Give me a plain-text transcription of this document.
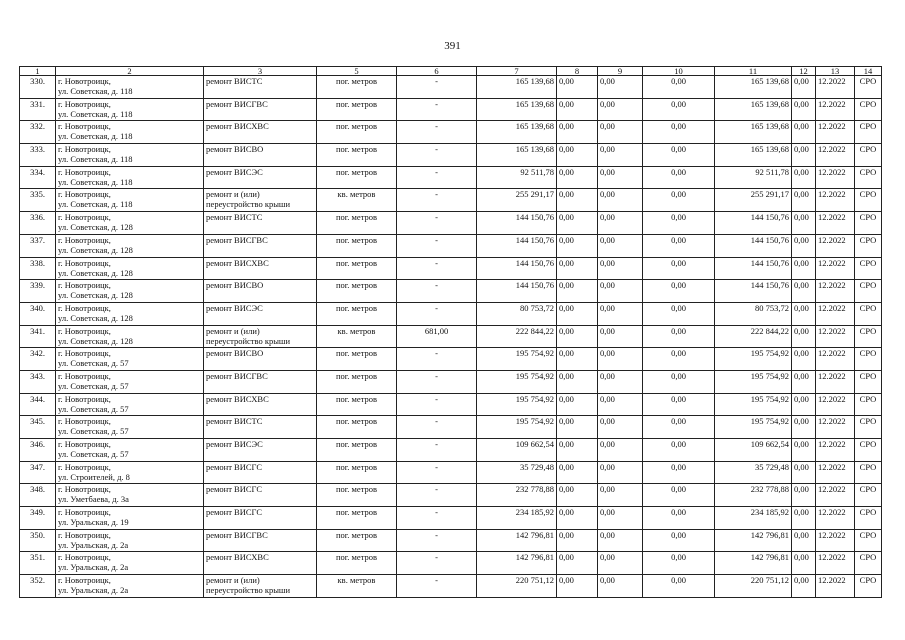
391
1	2	3	5	6	7	8	9	10	11	12	13	14
330.	г. Новотроицк,
ул. Советская, д. 118	ремонт ВИСТС	пог. метров	-	165 139,68	0,00	0,00	0,00	165 139,68	0,00	12.2022	СРО
331.	г. Новотроицк,
ул. Советская, д. 118	ремонт ВИСГВС	пог. метров	-	165 139,68	0,00	0,00	0,00	165 139,68	0,00	12.2022	СРО
332.	г. Новотроицк,
ул. Советская, д. 118	ремонт ВИСХВС	пог. метров	-	165 139,68	0,00	0,00	0,00	165 139,68	0,00	12.2022	СРО
333.	г. Новотроицк,
ул. Советская, д. 118	ремонт ВИСВО	пог. метров	-	165 139,68	0,00	0,00	0,00	165 139,68	0,00	12.2022	СРО
334.	г. Новотроицк,
ул. Советская, д. 118	ремонт ВИСЭС	пог. метров	-	92 511,78	0,00	0,00	0,00	92 511,78	0,00	12.2022	СРО
335.	г. Новотроицк,
ул. Советская, д. 118	ремонт и (или)
переустройство крыши	кв. метров	-	255 291,17	0,00	0,00	0,00	255 291,17	0,00	12.2022	СРО
336.	г. Новотроицк,
ул. Советская, д. 128	ремонт ВИСТС	пог. метров	-	144 150,76	0,00	0,00	0,00	144 150,76	0,00	12.2022	СРО
337.	г. Новотроицк,
ул. Советская, д. 128	ремонт ВИСГВС	пог. метров	-	144 150,76	0,00	0,00	0,00	144 150,76	0,00	12.2022	СРО
338.	г. Новотроицк,
ул. Советская, д. 128	ремонт ВИСХВС	пог. метров	-	144 150,76	0,00	0,00	0,00	144 150,76	0,00	12.2022	СРО
339.	г. Новотроицк,
ул. Советская, д. 128	ремонт ВИСВО	пог. метров	-	144 150,76	0,00	0,00	0,00	144 150,76	0,00	12.2022	СРО
340.	г. Новотроицк,
ул. Советская, д. 128	ремонт ВИСЭС	пог. метров	-	80 753,72	0,00	0,00	0,00	80 753,72	0,00	12.2022	СРО
341.	г. Новотроицк,
ул. Советская, д. 128	ремонт и (или)
переустройство крыши	кв. метров	681,00	222 844,22	0,00	0,00	0,00	222 844,22	0,00	12.2022	СРО
342.	г. Новотроицк,
ул. Советская, д. 57	ремонт ВИСВО	пог. метров	-	195 754,92	0,00	0,00	0,00	195 754,92	0,00	12.2022	СРО
343.	г. Новотроицк,
ул. Советская, д. 57	ремонт ВИСГВС	пог. метров	-	195 754,92	0,00	0,00	0,00	195 754,92	0,00	12.2022	СРО
344.	г. Новотроицк,
ул. Советская, д. 57	ремонт ВИСХВС	пог. метров	-	195 754,92	0,00	0,00	0,00	195 754,92	0,00	12.2022	СРО
345.	г. Новотроицк,
ул. Советская, д. 57	ремонт ВИСТС	пог. метров	-	195 754,92	0,00	0,00	0,00	195 754,92	0,00	12.2022	СРО
346.	г. Новотроицк,
ул. Советская, д. 57	ремонт ВИСЭС	пог. метров	-	109 662,54	0,00	0,00	0,00	109 662,54	0,00	12.2022	СРО
347.	г. Новотроицк,
ул. Строителей, д. 8	ремонт ВИСГС	пог. метров	-	35 729,48	0,00	0,00	0,00	35 729,48	0,00	12.2022	СРО
348.	г. Новотроицк,
ул. Уметбаева, д. 3а	ремонт ВИСГС	пог. метров	-	232 778,88	0,00	0,00	0,00	232 778,88	0,00	12.2022	СРО
349.	г. Новотроицк,
ул. Уральская, д. 19	ремонт ВИСГС	пог. метров	-	234 185,92	0,00	0,00	0,00	234 185,92	0,00	12.2022	СРО
350.	г. Новотроицк,
ул. Уральская, д. 2а	ремонт ВИСГВС	пог. метров	-	142 796,81	0,00	0,00	0,00	142 796,81	0,00	12.2022	СРО
351.	г. Новотроицк,
ул. Уральская, д. 2а	ремонт ВИСХВС	пог. метров	-	142 796,81	0,00	0,00	0,00	142 796,81	0,00	12.2022	СРО
352.	г. Новотроицк,
ул. Уральская, д. 2а	ремонт и (или)
переустройство крыши	кв. метров	-	220 751,12	0,00	0,00	0,00	220 751,12	0,00	12.2022	СРО
